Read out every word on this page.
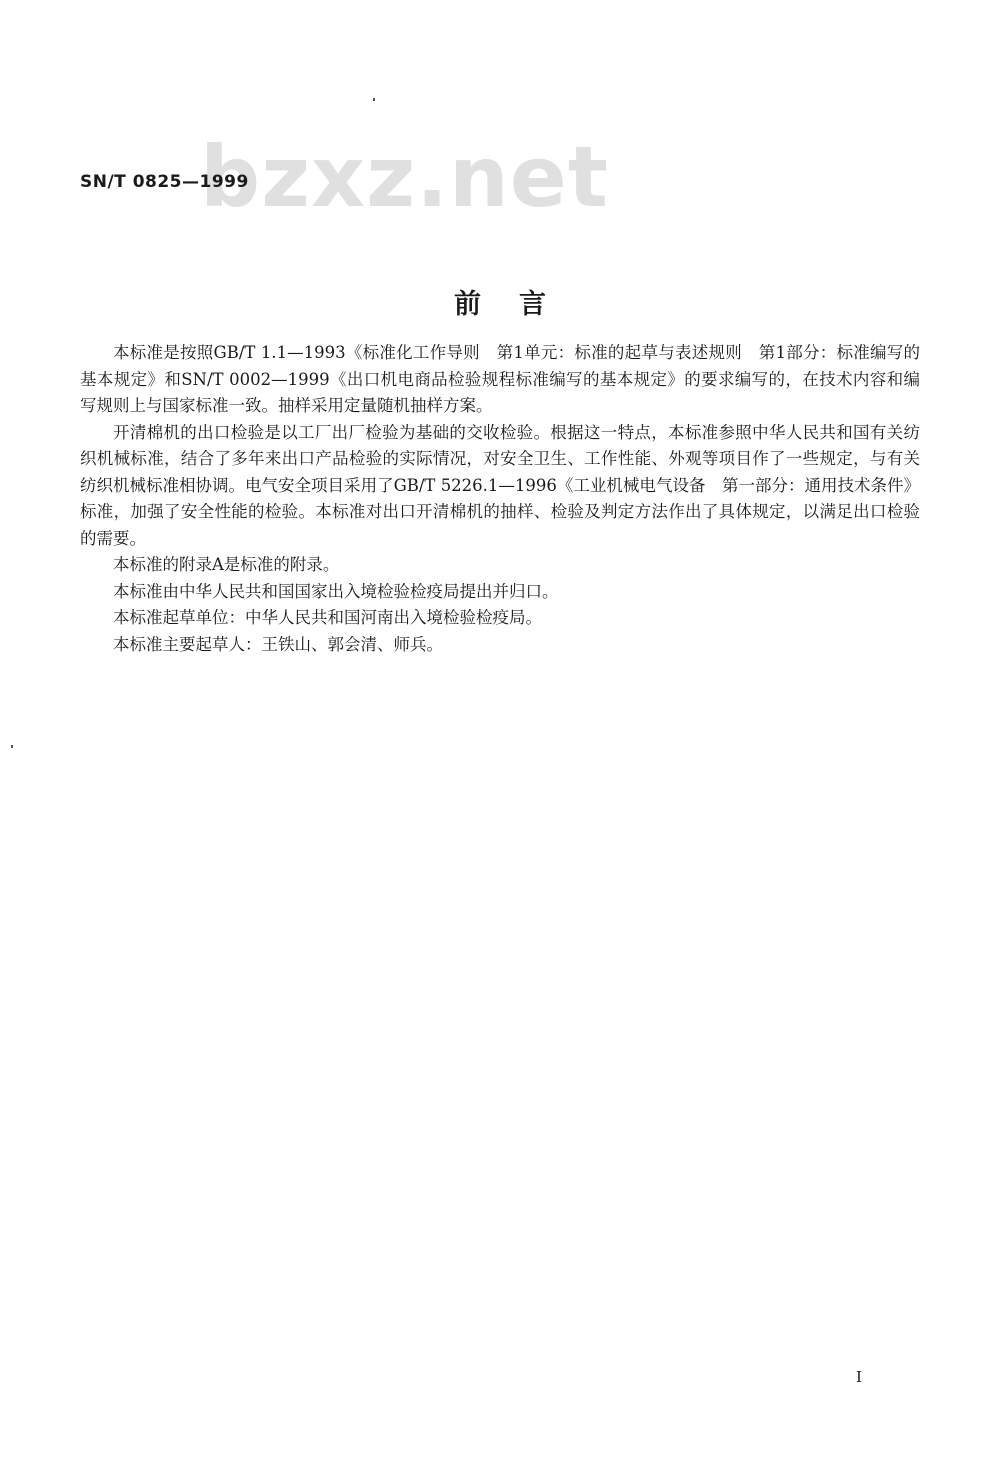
bzxz.net
SN/T 0825—1999
前言

本标准是按照GB/T 1.1—1993《标准化工作导则　第1单元：标准的起草与表述规则　第1部分：标准编写的基本规定》和SN/T 0002—1999《出口机电商品检验规程标准编写的基本规定》的要求编写的，在技术内容和编写规则上与国家标准一致。抽样采用定量随机抽样方案。

开清棉机的出口检验是以工厂出厂检验为基础的交收检验。根据这一特点，本标准参照中华人民共和国有关纺织机械标准，结合了多年来出口产品检验的实际情况，对安全卫生、工作性能、外观等项目作了一些规定，与有关纺织机械标准相协调。电气安全项目采用了GB/T 5226.1—1996《工业机械电气设备　第一部分：通用技术条件》标准，加强了安全性能的检验。本标准对出口开清棉机的抽样、检验及判定方法作出了具体规定，以满足出口检验的需要。

本标准的附录A是标准的附录。

本标准由中华人民共和国国家出入境检验检疫局提出并归口。

本标准起草单位：中华人民共和国河南出入境检验检疫局。

本标准主要起草人：王铁山、郭会清、师兵。

I
